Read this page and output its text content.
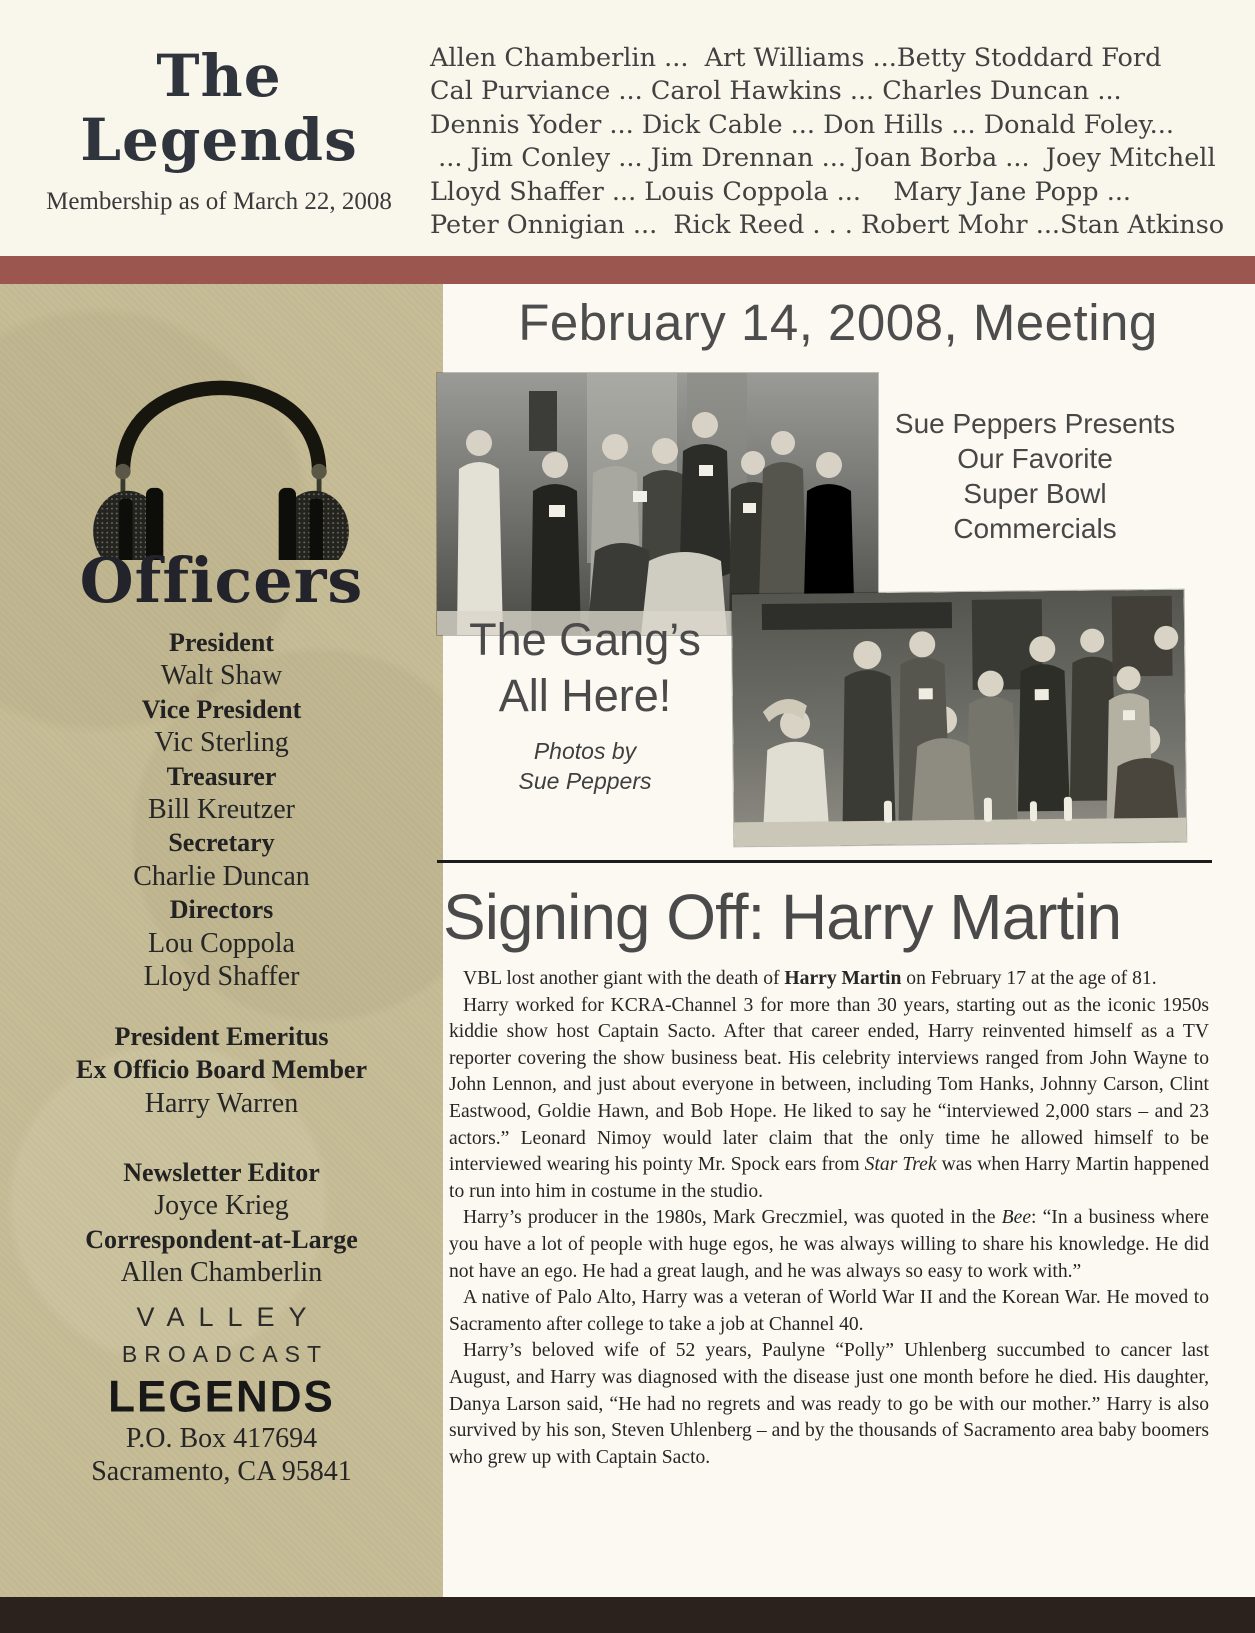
The
Legends
Membership as of March 22, 2008
Allen Chamberlin ...  Art Williams ...Betty Stoddard Ford
Cal Purviance ... Carol Hawkins ... Charles Duncan ...
Dennis Yoder ... Dick Cable ... Don Hills ... Donald Foley...
... Jim Conley ... Jim Drennan ... Joan Borba ...  Joey Mitchell
Lloyd Shaffer ... Louis Coppola ...    Mary Jane Popp ...
Peter Onnigian ...  Rick Reed . . . Robert Mohr ...Stan Atkinso
Officers
President
Walt Shaw
Vice President
Vic Sterling
Treasurer
Bill Kreutzer
Secretary
Charlie Duncan
Directors
Lou Coppola
Lloyd Shaffer
President Emeritus
Ex Officio Board Member
Harry Warren
Newsletter Editor
Joyce Krieg
Correspondent-at-Large
Allen Chamberlin
VALLEY
BROADCAST
LEGENDS
P.O. Box 417694
Sacramento, CA 95841
February 14, 2008, Meeting
Sue Peppers Presents
Our Favorite
Super Bowl
Commercials
The Gang’s
All Here!
Photos by
Sue Peppers
Signing Off: Harry Martin

VBL lost another giant with the death of Harry Martin on February 17 at the age of 81.

Harry worked for KCRA-Channel 3 for more than 30 years, starting out as the iconic 1950s kiddie show host Captain Sacto. After that career ended, Harry reinvented himself as a TV reporter covering the show business beat. His celebrity interviews ranged from John Wayne to John Lennon, and just about everyone in between, including Tom Hanks, Johnny Carson, Clint Eastwood, Goldie Hawn, and Bob Hope. He liked to say he “interviewed 2,000 stars – and 23 actors.” Leonard Nimoy would later claim that the only time he allowed himself to be interviewed wearing his pointy Mr. Spock ears from Star Trek was when Harry Martin happened to run into him in costume in the studio.

Harry’s producer in the 1980s, Mark Greczmiel, was quoted in the Bee: “In a business where you have a lot of people with huge egos, he was always willing to share his knowledge. He did not have an ego. He had a great laugh, and he was always so easy to work with.”

A native of Palo Alto, Harry was a veteran of World War II and the Korean War. He moved to Sacramento after college to take a job at Channel 40.

Harry’s beloved wife of 52 years, Paulyne “Polly” Uhlenberg succumbed to cancer last August, and Harry was diagnosed with the disease just one month before he died. His daughter, Danya Larson said, “He had no regrets and was ready to go be with our mother.” Harry is also survived by his son, Steven Uhlenberg – and by the thousands of Sacramento area baby boomers who grew up with Captain Sacto.
